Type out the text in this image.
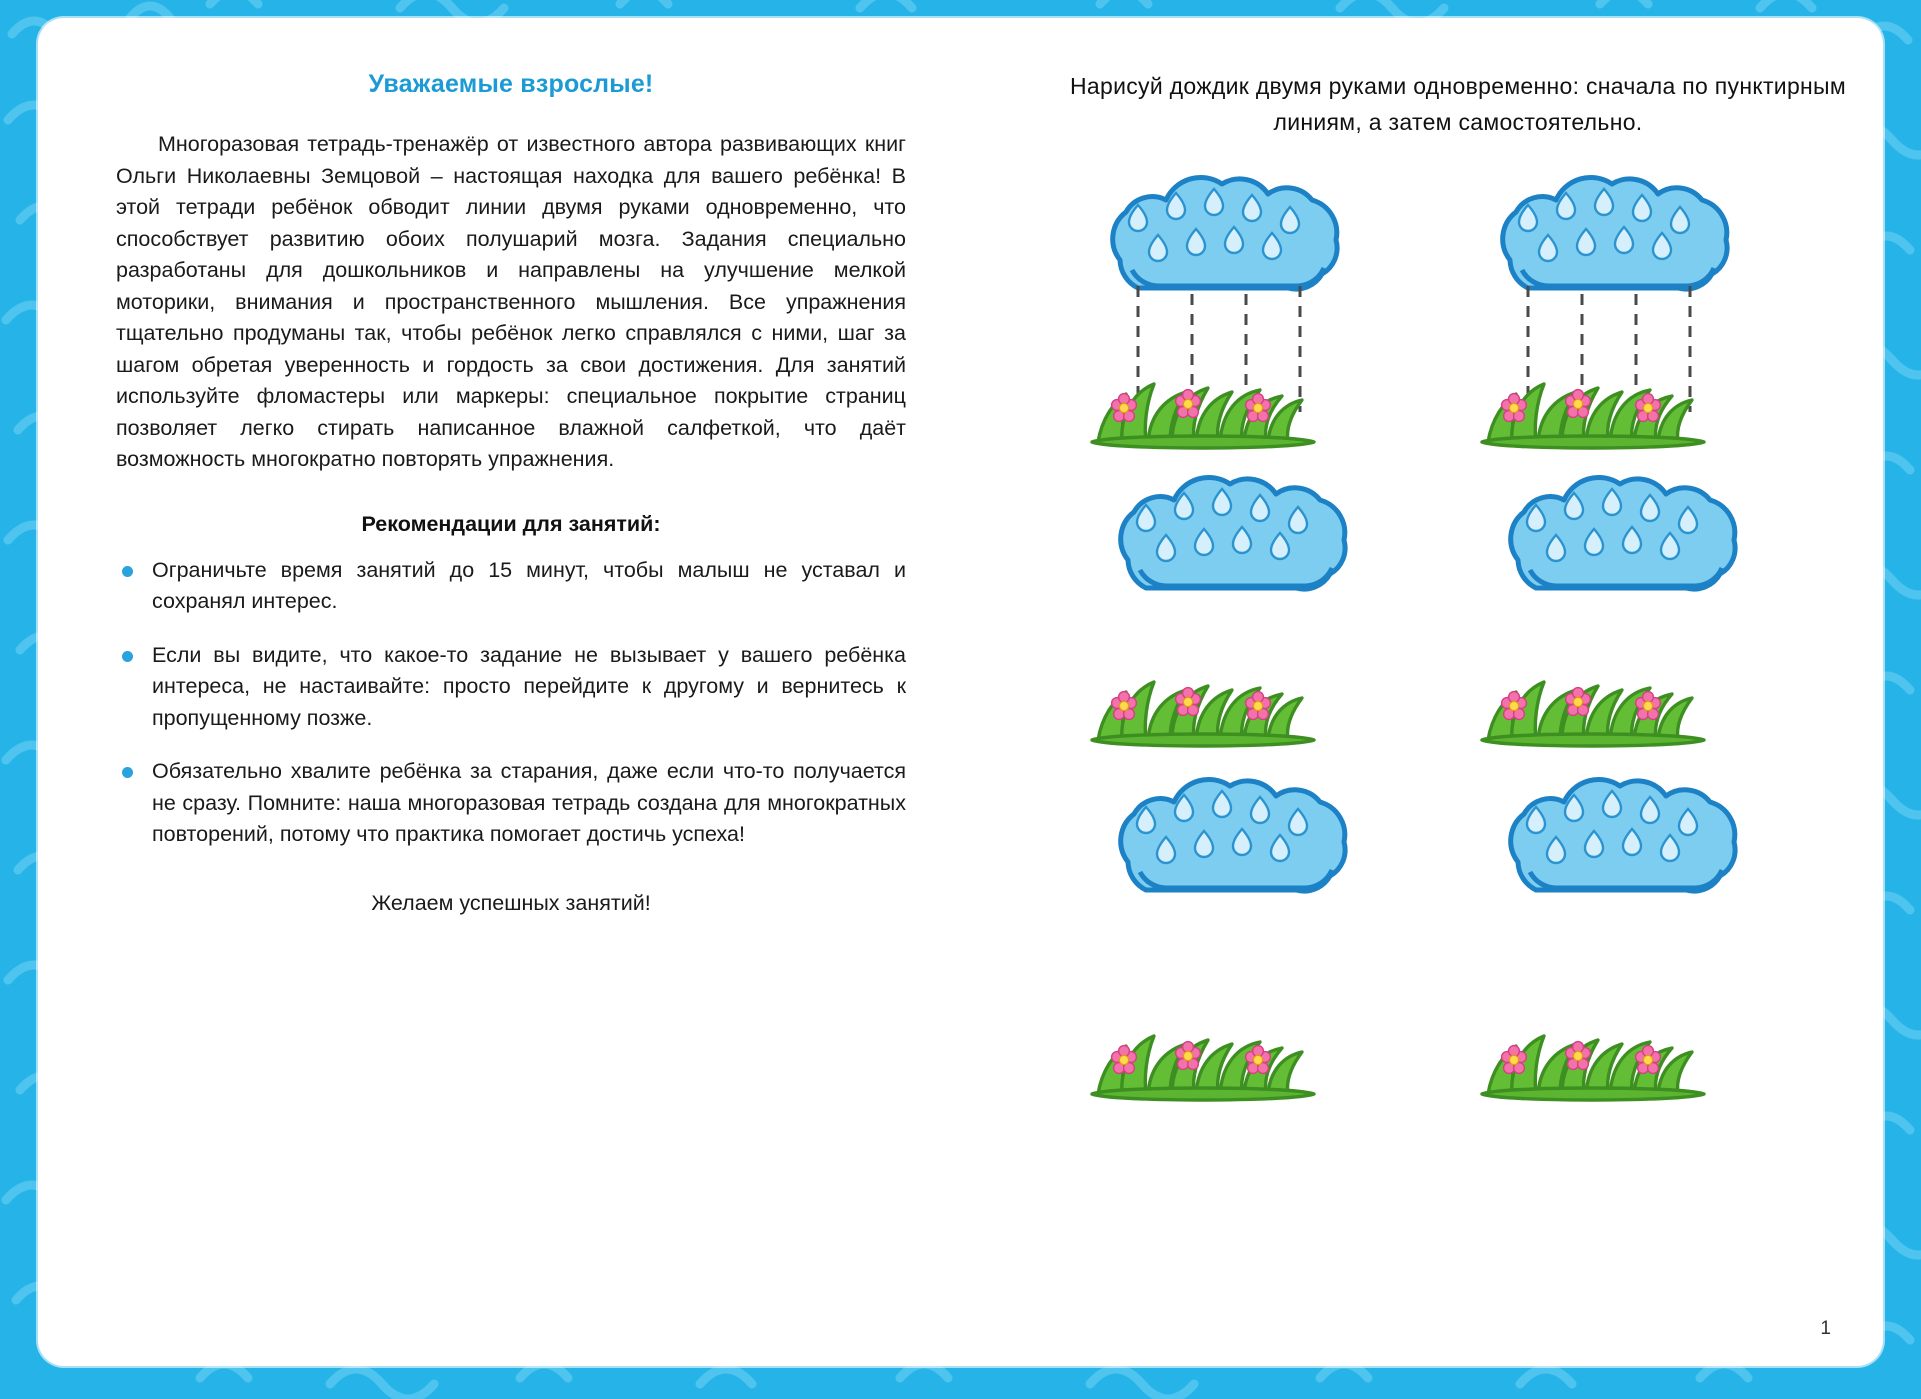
Уважаемые взрослые!

Многоразовая тетрадь-тренажёр от известного автора развивающих книг Ольги Николаевны Земцовой – настоящая находка для вашего ребёнка! В этой тетради ребёнок обводит линии двумя руками одновременно, что способствует развитию обоих полушарий мозга. Задания специально разработаны для дошкольников и направлены на улучшение мелкой моторики, внимания и пространственного мышления. Все упражнения тщательно продуманы так, чтобы ребёнок легко справлялся с ними, шаг за шагом обретая уверенность и гордость за свои достижения. Для занятий используйте фломастеры или маркеры: специальное покрытие страниц позволяет легко стирать написанное влажной салфеткой, что даёт возможность многократно повторять упражнения.

Рекомендации для занятий:
Ограничьте время занятий до 15 минут, чтобы малыш не уставал и сохранял интерес.
Если вы видите, что какое-то задание не вызывает у вашего ребёнка интереса, не настаивайте: просто перейдите к другому и вернитесь к пропущенному позже.
Обязательно хвалите ребёнка за старания, даже если что-то получается не сразу. Помните: наша многоразовая тетрадь создана для многократных повторений, потому что практика помогает достичь успеха!
Желаем успешных занятий!

Нарисуй дождик двумя руками одновременно: сначала по пунктирным линиям, а затем самостоятельно.

1
